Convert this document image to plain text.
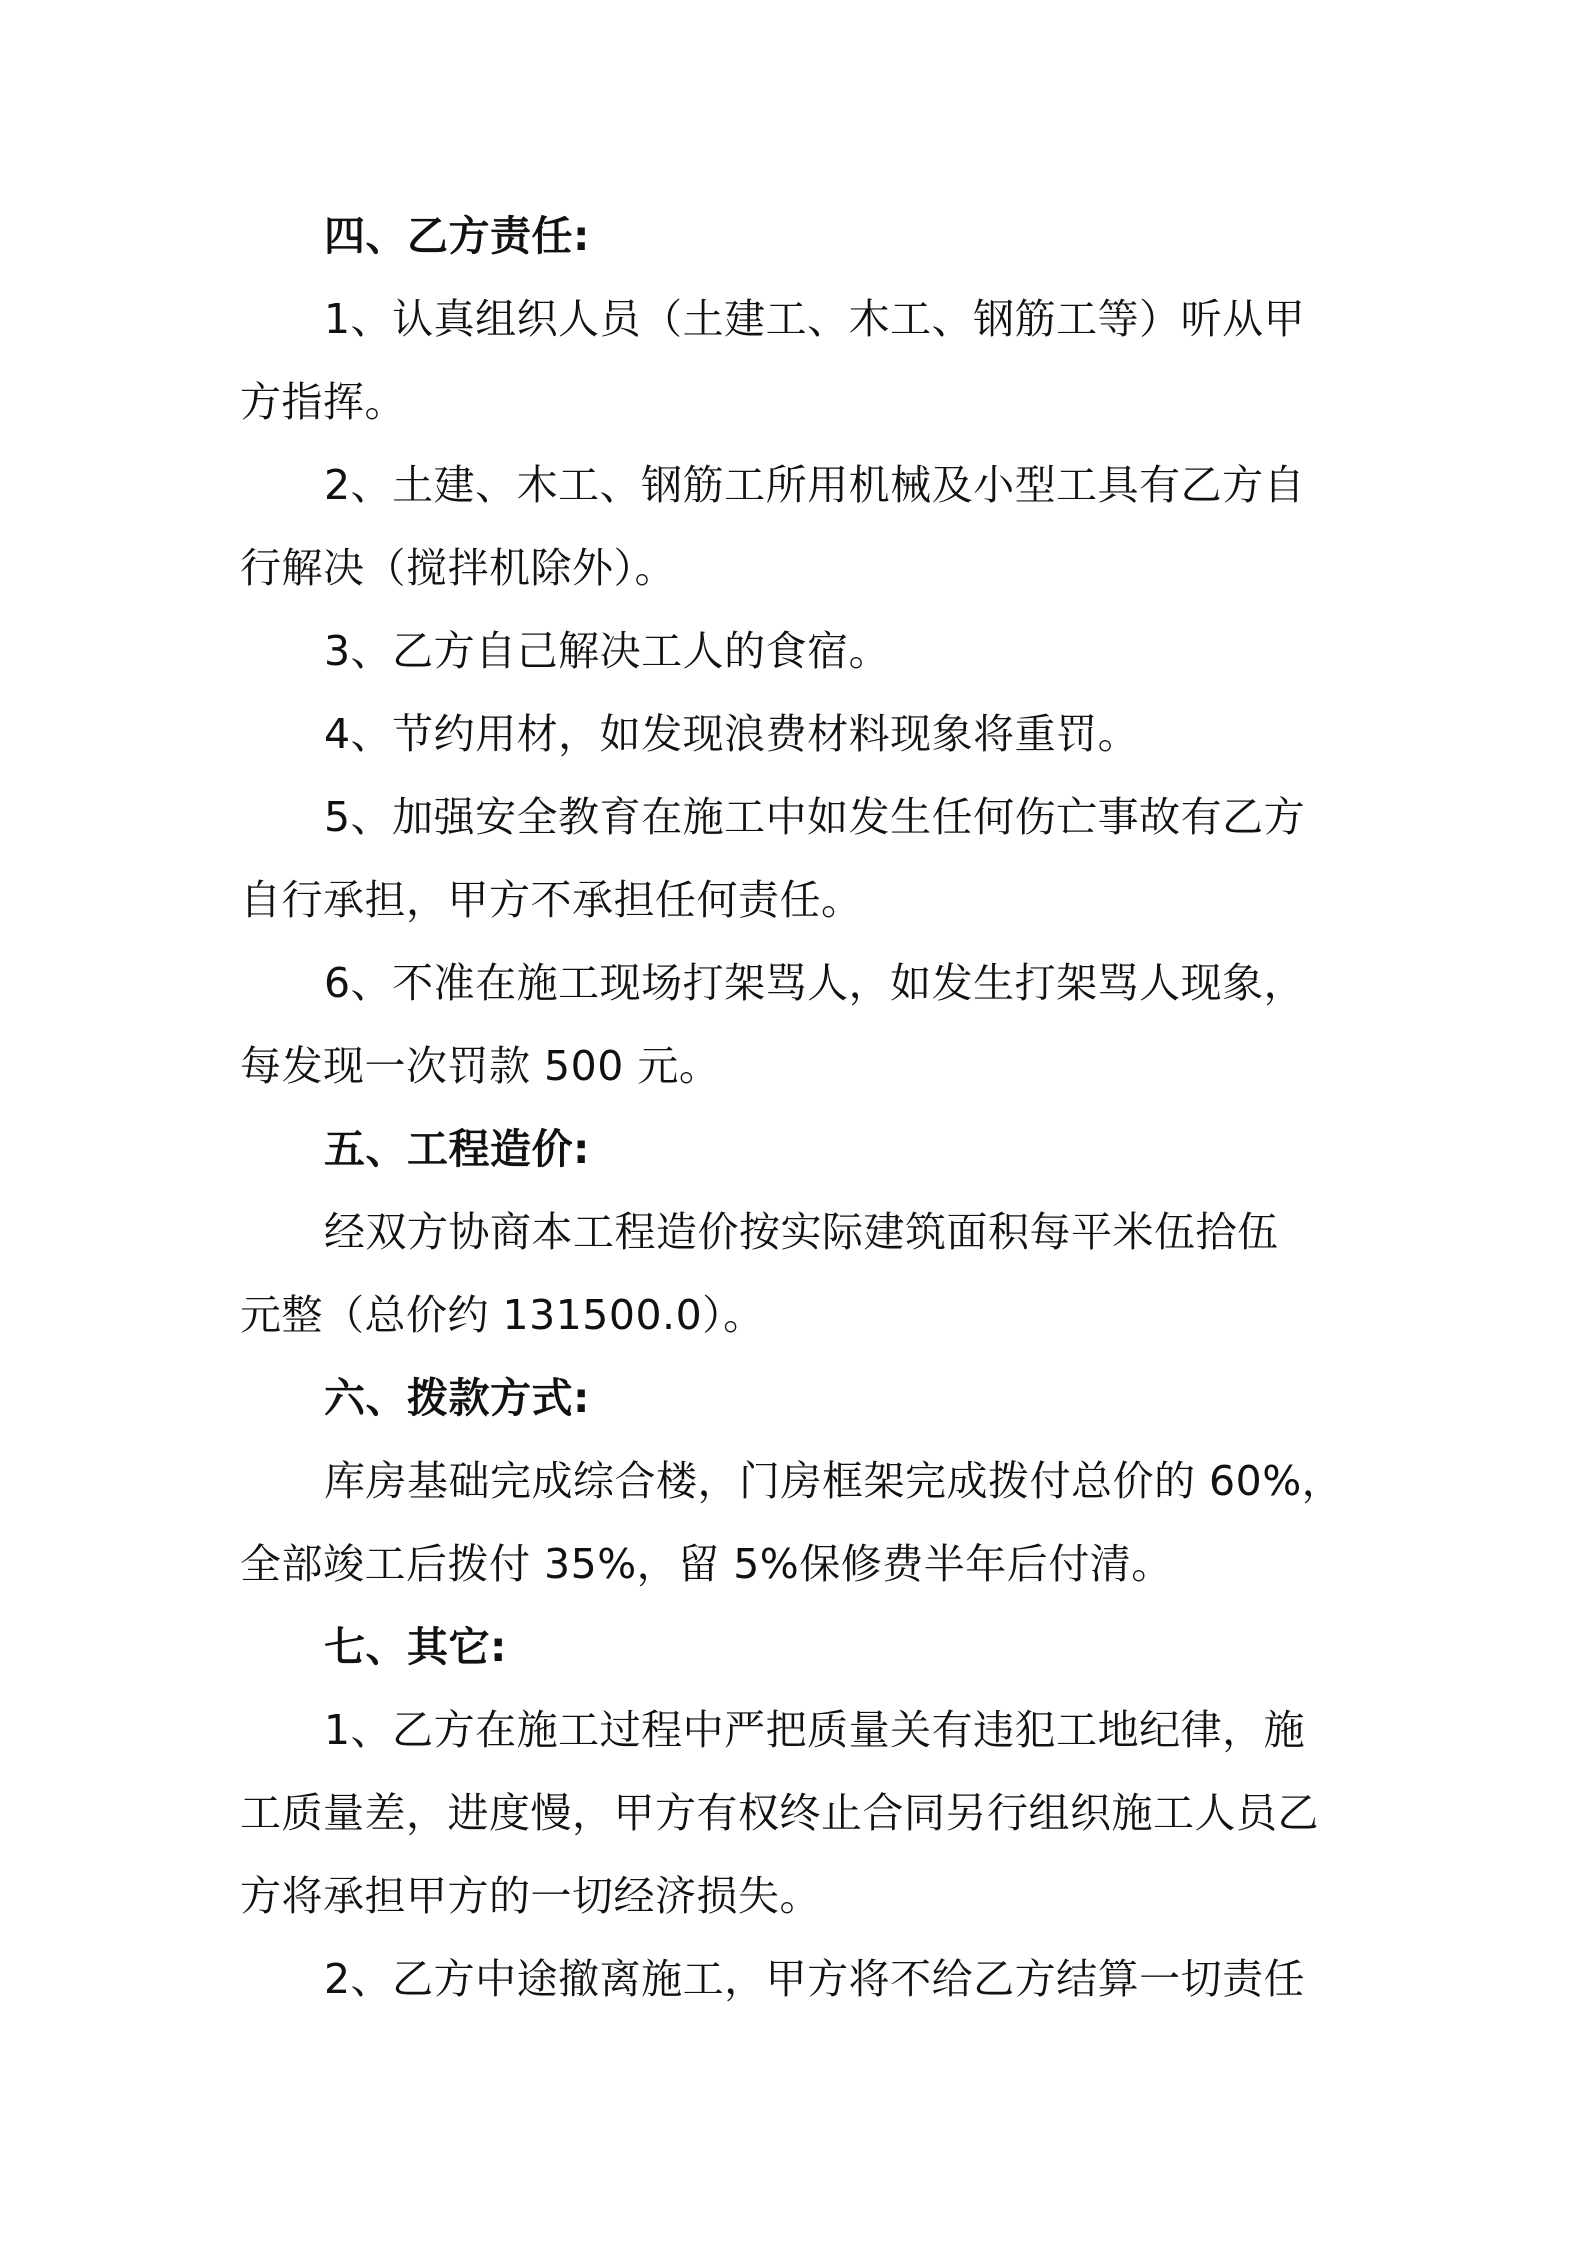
四、乙方责任:
1、认真组织人员（土建工、木工、钢筋工等）听从甲
方指挥。
2、土建、木工、钢筋工所用机械及小型工具有乙方自
行解决（搅拌机除外）。
3、乙方自己解决工人的食宿。
4、节约用材，如发现浪费材料现象将重罚。
5、加强安全教育在施工中如发生任何伤亡事故有乙方
自行承担，甲方不承担任何责任。
6、不准在施工现场打架骂人，如发生打架骂人现象，
每发现一次罚款 500 元。
五、工程造价:
经双方协商本工程造价按实际建筑面积每平米伍拾伍
元整（总价约 131500.0）。
六、拨款方式:
库房基础完成综合楼，门房框架完成拨付总价的 60%，
全部竣工后拨付 35%，留 5%保修费半年后付清。
七、其它:
1、乙方在施工过程中严把质量关有违犯工地纪律，施
工质量差，进度慢，甲方有权终止合同另行组织施工人员乙
方将承担甲方的一切经济损失。
2、乙方中途撤离施工，甲方将不给乙方结算一切责任
